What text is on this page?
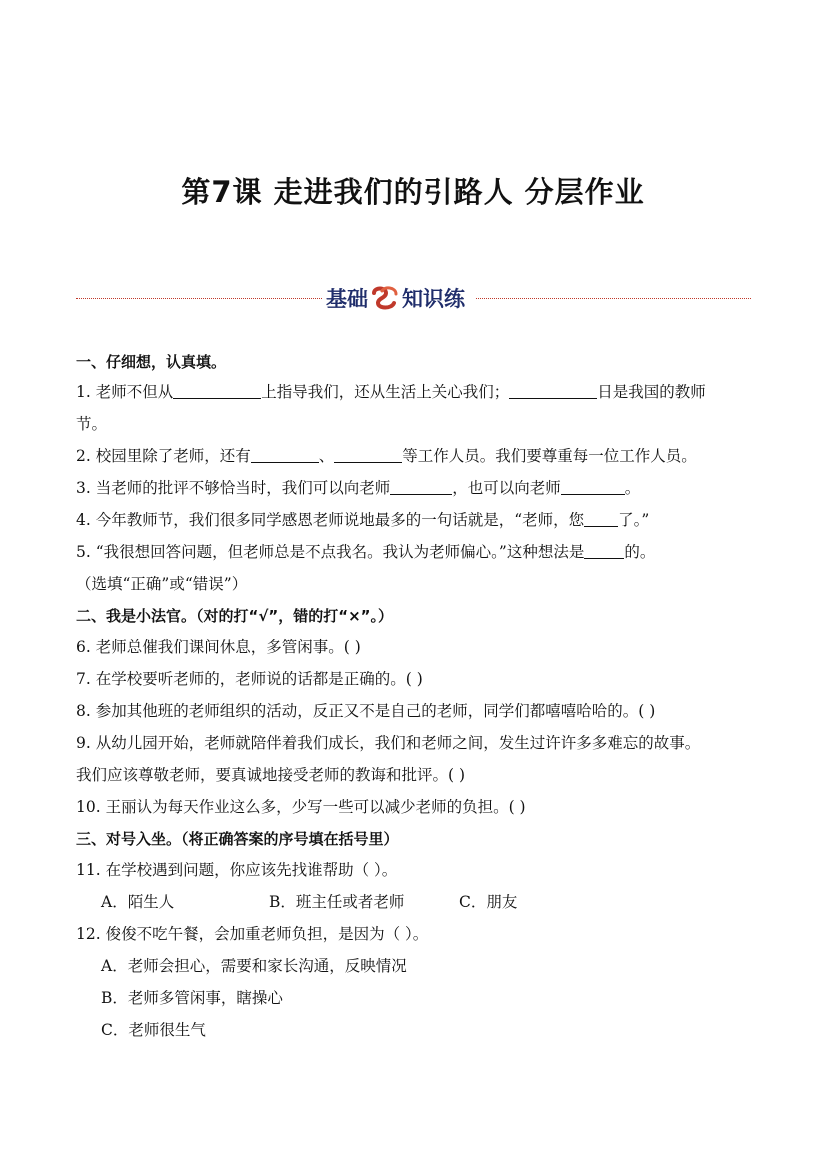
第7课 走进我们的引路人 分层作业
基础 知识练
一、仔细想，认真填。
1. 老师不但从	上指导我们，还从生活上关心我们；	日是我国的教师
节。
2. 校园里除了老师，还有	、	等工作人员。我们要尊重每一位工作人员。
3. 当老师的批评不够恰当时，我们可以向老师	，也可以向老师	。
4. 今年教师节，我们很多同学感恩老师说地最多的一句话就是，“老师，您 了。”
5. “我很想回答问题，但老师总是不点我名。我认为老师偏心。”这种想法是	的。
（选填“正确”或“错误”）
二、我是小法官。（对的打“√”，错的打“×”。）
6. 老师总催我们课间休息，多管闲事。( )
7. 在学校要听老师的，老师说的话都是正确的。( )
8. 参加其他班的老师组织的活动，反正又不是自己的老师，同学们都嘻嘻哈哈的。( )
9. 从幼儿园开始，老师就陪伴着我们成长，我们和老师之间，发生过许许多多难忘的故事。
我们应该尊敬老师，要真诚地接受老师的教诲和批评。( )
10. 王丽认为每天作业这么多，少写一些可以减少老师的负担。( )
三、对号入坐。（将正确答案的序号填在括号里）
11. 在学校遇到问题，你应该先找谁帮助（ ）。
A．陌生人	B．班主任或者老师	C．朋友
12. 俊俊不吃午餐，会加重老师负担，是因为（ ）。
A．老师会担心，需要和家长沟通，反映情况
B．老师多管闲事，瞎操心
C．老师很生气
